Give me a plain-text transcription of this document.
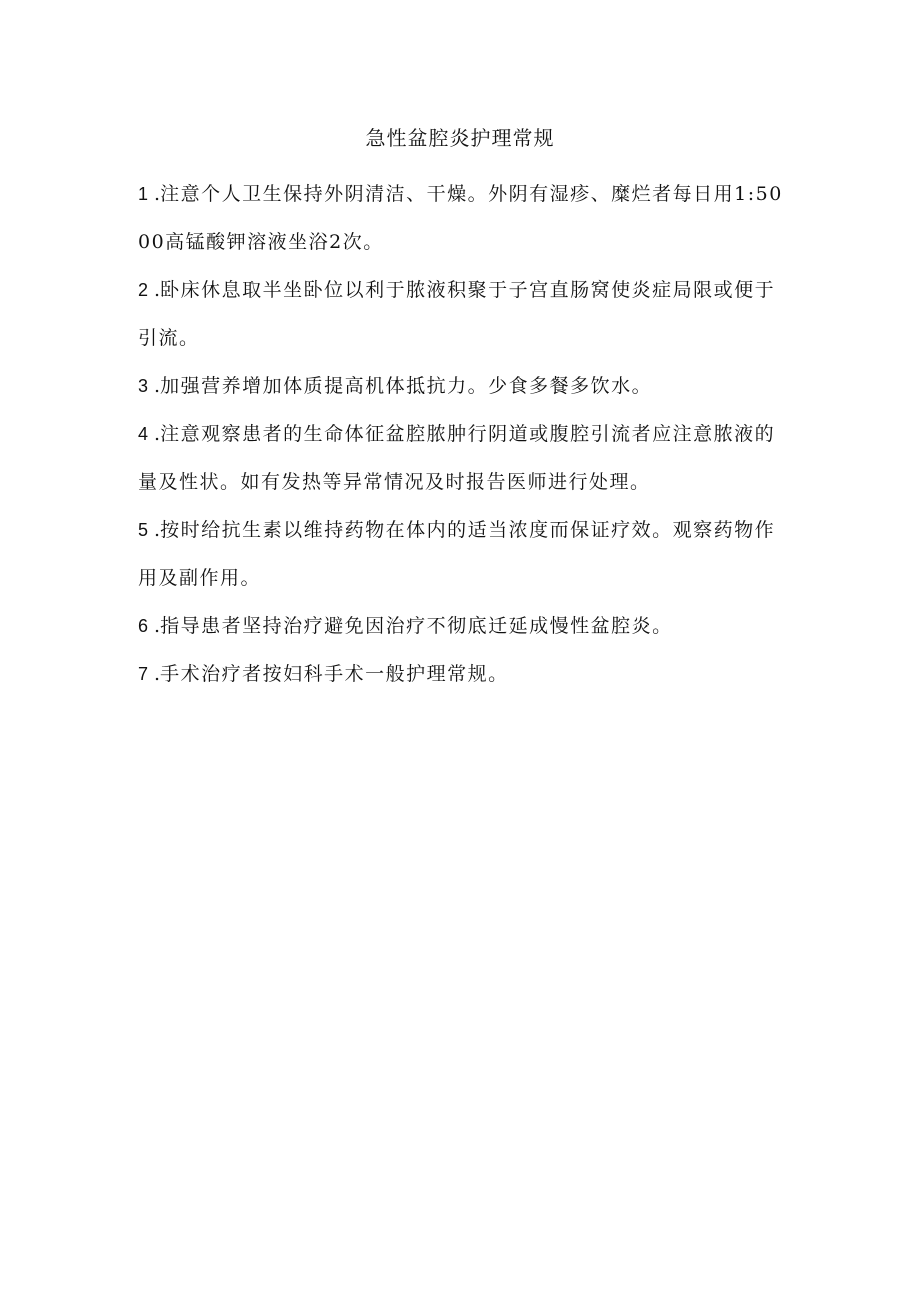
急性盆腔炎护理常规
1 .注意个人卫生保持外阴清洁、干燥。外阴有湿疹、糜烂者每日用1:5000高锰酸钾溶液坐浴2次。
2 .卧床休息取半坐卧位以利于脓液积聚于子宫直肠窝使炎症局限或便于引流。
3 .加强营养增加体质提高机体抵抗力。少食多餐多饮水。
4 .注意观察患者的生命体征盆腔脓肿行阴道或腹腔引流者应注意脓液的量及性状。如有发热等异常情况及时报告医师进行处理。
5 .按时给抗生素以维持药物在体内的适当浓度而保证疗效。观察药物作用及副作用。
6 .指导患者坚持治疗避免因治疗不彻底迁延成慢性盆腔炎。
7 .手术治疗者按妇科手术一般护理常规。
